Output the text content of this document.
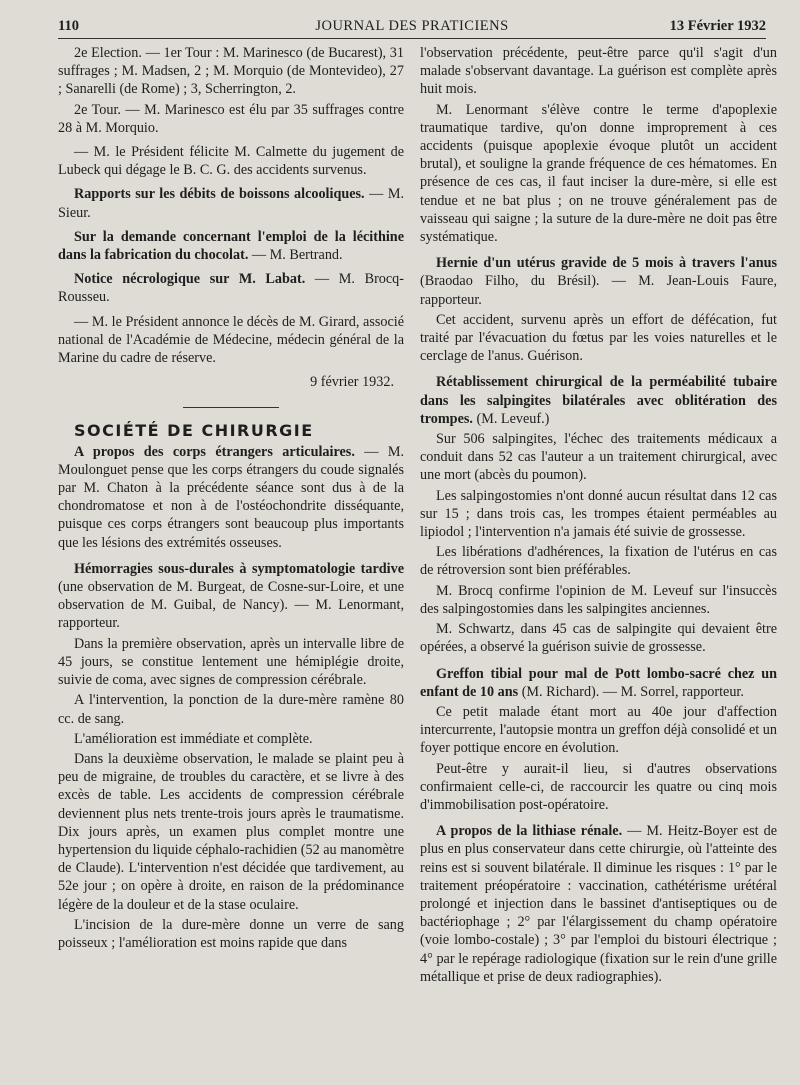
110	JOURNAL DES PRATICIENS	13 Février 1932

2e Election. — 1er Tour : M. Marinesco (de Bucarest), 31 suffrages ; M. Madsen, 2 ; M. Morquio (de Montevideo), 27 ; Sanarelli (de Rome) ; 3, Scherrington, 2.

2e Tour. — M. Marinesco est élu par 35 suffrages contre 28 à M. Morquio.

— M. le Président félicite M. Calmette du jugement de Lubeck qui dégage le B. C. G. des accidents survenus.

Rapports sur les débits de boissons alcooliques. — M. Sieur.

Sur la demande concernant l'emploi de la lécithine dans la fabrication du chocolat. — M. Bertrand.

Notice nécrologique sur M. Labat. — M. Brocq-Rousseu.

— M. le Président annonce le décès de M. Girard, associé national de l'Académie de Médecine, médecin général de la Marine du cadre de réserve.

9 février 1932.

SOCIÉTÉ DE CHIRURGIE

A propos des corps étrangers articulaires. — M. Moulonguet pense que les corps étrangers du coude signalés par M. Chaton à la précédente séance sont dus à de la chondromatose et non à de l'ostéochondrite disséquante, puisque ces corps étrangers sont beaucoup plus importants que les lésions des extrémités osseuses.

Hémorragies sous-durales à symptomatologie tardive (une observation de M. Burgeat, de Cosne-sur-Loire, et une observation de M. Guibal, de Nancy). — M. Lenormant, rapporteur.

Dans la première observation, après un intervalle libre de 45 jours, se constitue lentement une hémiplégie droite, suivie de coma, avec signes de compression cérébrale.

A l'intervention, la ponction de la dure-mère ramène 80 cc. de sang.

L'amélioration est immédiate et complète.

Dans la deuxième observation, le malade se plaint peu à peu de migraine, de troubles du caractère, et se livre à des excès de table. Les accidents de compression cérébrale deviennent plus nets trente-trois jours après le traumatisme. Dix jours après, un examen plus complet montre une hypertension du liquide céphalo-rachidien (52 au manomètre de Claude). L'intervention n'est décidée que tardivement, au 52e jour ; on opère à droite, en raison de la prédominance légère de la douleur et de la stase oculaire.

L'incision de la dure-mère donne un verre de sang poisseux ; l'amélioration est moins rapide que dans

l'observation précédente, peut-être parce qu'il s'agit d'un malade s'observant davantage. La guérison est complète après huit mois.

M. Lenormant s'élève contre le terme d'apoplexie traumatique tardive, qu'on donne improprement à ces accidents (puisque apoplexie évoque plutôt un accident brutal), et souligne la grande fréquence de ces hématomes. En présence de ces cas, il faut inciser la dure-mère, si elle est tendue et ne bat plus ; on ne trouve généralement pas de vaisseau qui saigne ; la suture de la dure-mère ne doit pas être systématique.

Hernie d'un utérus gravide de 5 mois à travers l'anus (Braodao Filho, du Brésil). — M. Jean-Louis Faure, rapporteur.

Cet accident, survenu après un effort de défécation, fut traité par l'évacuation du fœtus par les voies naturelles et le cerclage de l'anus. Guérison.

Rétablissement chirurgical de la perméabilité tubaire dans les salpingites bilatérales avec oblitération des trompes. (M. Leveuf.)

Sur 506 salpingites, l'échec des traitements médicaux a conduit dans 52 cas l'auteur a un traitement chirurgical, avec une mort (abcès du poumon).

Les salpingostomies n'ont donné aucun résultat dans 12 cas sur 15 ; dans trois cas, les trompes étaient perméables au lipiodol ; l'intervention n'a jamais été suivie de grossesse.

Les libérations d'adhérences, la fixation de l'utérus en cas de rétroversion sont bien préférables.

M. Brocq confirme l'opinion de M. Leveuf sur l'insuccès des salpingostomies dans les salpingites anciennes.

M. Schwartz, dans 45 cas de salpingite qui devaient être opérées, a observé la guérison suivie de grossesse.

Greffon tibial pour mal de Pott lombo-sacré chez un enfant de 10 ans (M. Richard). — M. Sorrel, rapporteur.

Ce petit malade étant mort au 40e jour d'affection intercurrente, l'autopsie montra un greffon déjà consolidé et un foyer pottique encore en évolution.

Peut-être y aurait-il lieu, si d'autres observations confirmaient celle-ci, de raccourcir les quatre ou cinq mois d'immobilisation post-opératoire.

A propos de la lithiase rénale. — M. Heitz-Boyer est de plus en plus conservateur dans cette chirurgie, où l'atteinte des reins est si souvent bilatérale. Il diminue les risques : 1° par le traitement préopératoire : vaccination, cathétérisme urétéral prolongé et injection dans le bassinet d'antiseptiques ou de bactériophage ; 2° par l'élargissement du champ opératoire (voie lombo-costale) ; 3° par l'emploi du bistouri électrique ; 4° par le repérage radiologique (fixation sur le rein d'une grille métallique et prise de deux radiographies).
